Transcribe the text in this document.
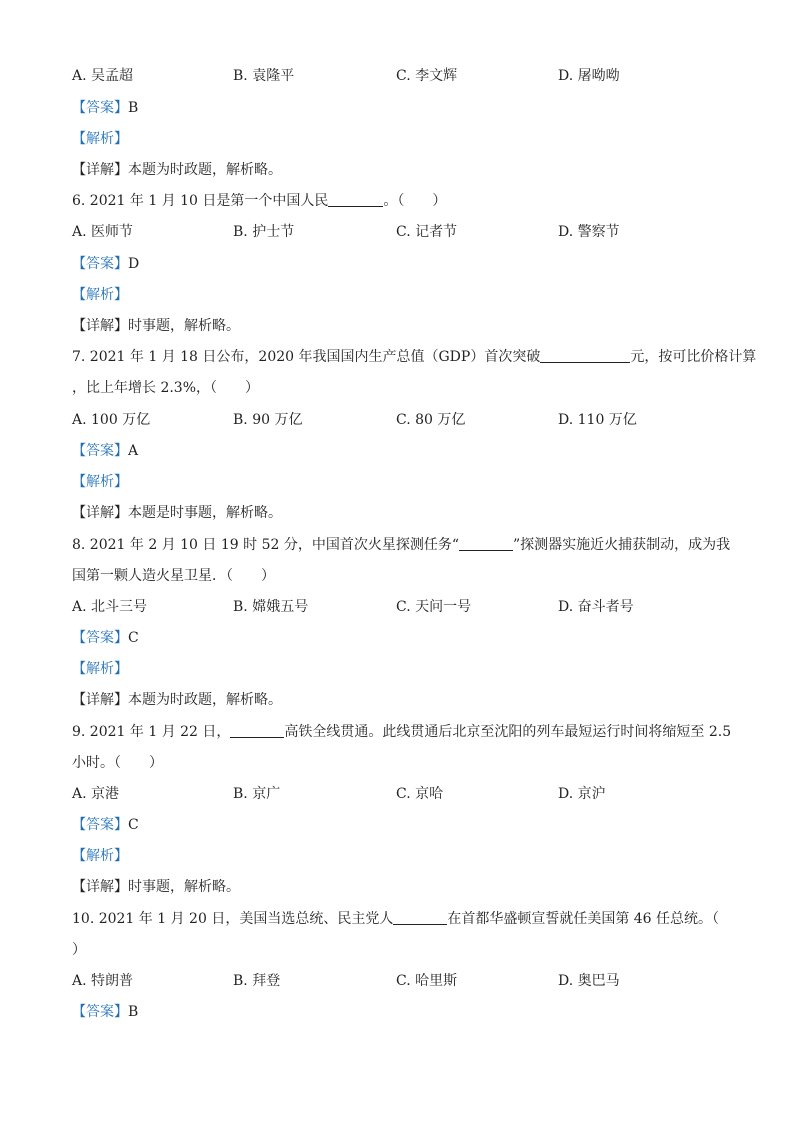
A. 吴孟超	B. 袁隆平	C. 李文辉	D. 屠呦呦
【答案】B
【解析】
【详解】本题为时政题，解析略。
6. 2021 年 1 月 10 日是第一个中国人民	。（　　）
A. 医师节	B. 护士节	C. 记者节	D. 警察节
【答案】D
【解析】
【详解】时事题，解析略。
7. 2021 年 1 月 18 日公布，2020 年我国国内生产总值（GDP）首次突破	元，按可比价格计算
，比上年增长 2.3%，（　　）
A. 100 万亿	B. 90 万亿	C. 80 万亿	D. 110 万亿
【答案】A
【解析】
【详解】本题是时事题，解析略。
8. 2021 年 2 月 10 日 19 时 52 分，中国首次火星探测任务“	”探测器实施近火捕获制动，成为我
国第一颗人造火星卫星．（　　）
A. 北斗三号	B. 嫦娥五号	C. 天问一号	D. 奋斗者号
【答案】C
【解析】
【详解】本题为时政题，解析略。
9. 2021 年 1 月 22 日，	高铁全线贯通。此线贯通后北京至沈阳的列车最短运行时间将缩短至 2.5
小时。（　　）
A. 京港	B. 京广	C. 京哈	D. 京沪
【答案】C
【解析】
【详解】时事题，解析略。
10. 2021 年 1 月 20 日，美国当选总统、民主党人	在首都华盛顿宣誓就任美国第 46 任总统。（
）
A. 特朗普	B. 拜登	C. 哈里斯	D. 奥巴马
【答案】B
